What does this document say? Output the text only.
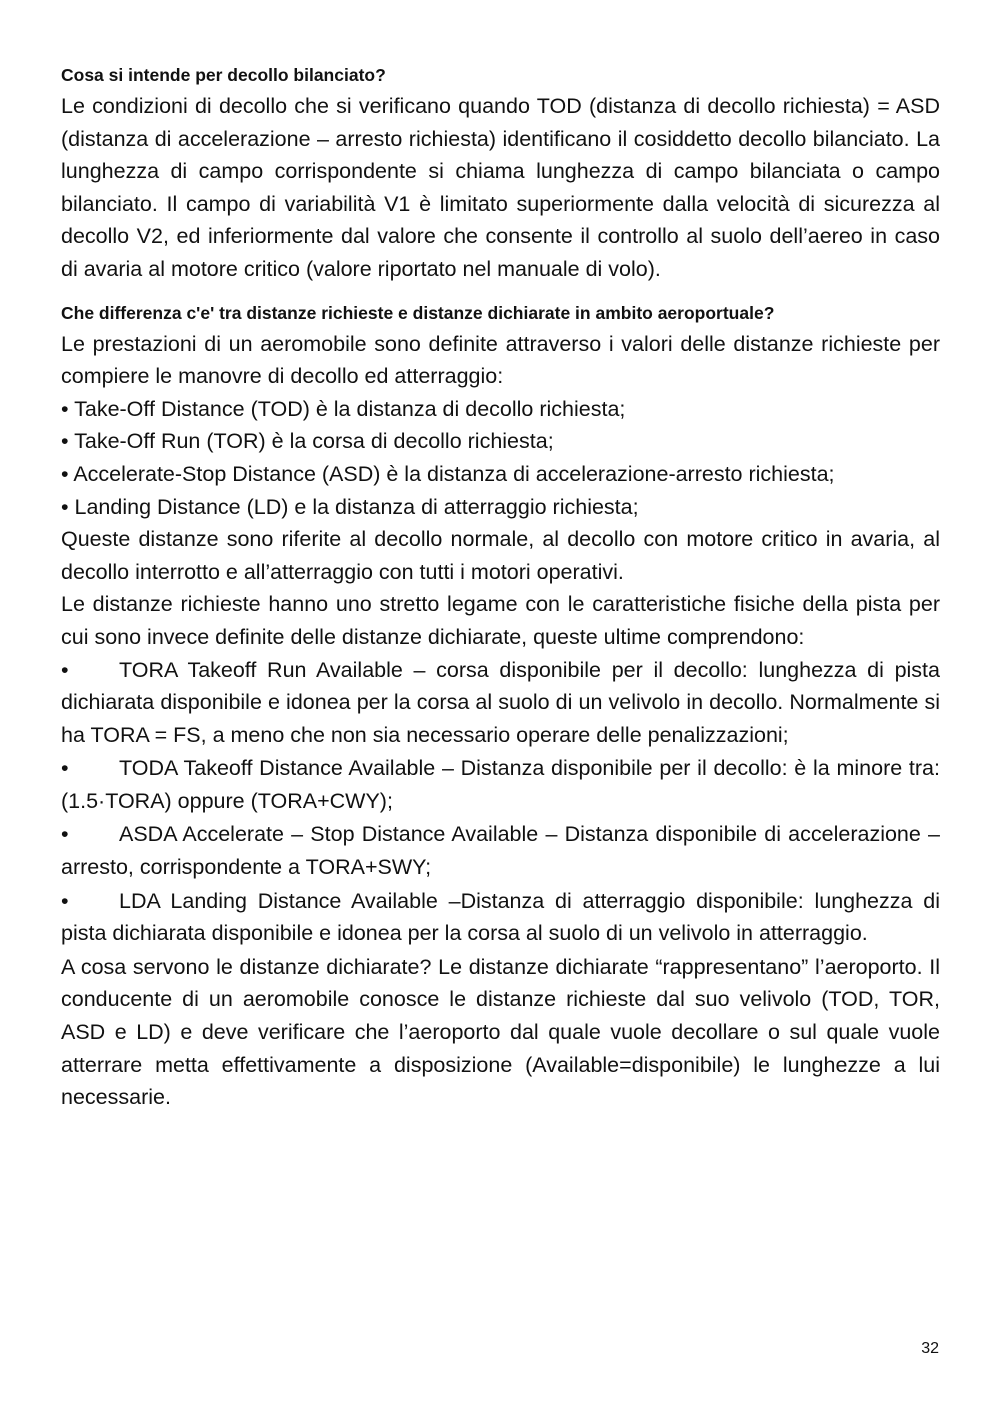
Cosa si intende per decollo bilanciato?

Le condizioni di decollo che si verificano quando TOD (distanza di decollo richiesta) = ASD (distanza di accelerazione – arresto richiesta) identificano il cosiddetto decollo bilanciato. La lunghezza di campo corrispondente si chiama lunghezza di campo bilanciata o campo bilanciato. Il campo di variabilità V1 è limitato superiormente dalla velocità di sicurezza al decollo V2, ed inferiormente dal valore che consente il controllo al suolo dell’aereo in caso di avaria al motore critico (valore riportato nel manuale di volo).

Che differenza c'e' tra distanze richieste e distanze dichiarate in ambito aeroportuale?

Le prestazioni di un aeromobile sono definite attraverso i valori delle distanze richieste per compiere le manovre di decollo ed atterraggio:

• Take-Off Distance (TOD) è la distanza di decollo richiesta;

• Take-Off Run (TOR) è la corsa di decollo richiesta;

• Accelerate-Stop Distance (ASD) è la distanza di accelerazione-arresto richiesta;

• Landing Distance (LD) e la distanza di atterraggio richiesta;

Queste distanze sono riferite al decollo normale, al decollo con motore critico in avaria, al decollo interrotto e all’atterraggio con tutti i motori operativi.

Le distanze richieste hanno uno stretto legame con le caratteristiche fisiche della pista per cui sono invece definite delle distanze dichiarate, queste ultime comprendono:

• TORA Takeoff Run Available – corsa disponibile per il decollo: lunghezza di pista dichiarata disponibile e idonea per la corsa al suolo di un velivolo in decollo. Normalmente si ha TORA = FS, a meno che non sia necessario operare delle penalizzazioni;
• TODA Takeoff Distance Available – Distanza disponibile per il decollo: è la minore tra: (1.5·TORA) oppure (TORA+CWY);
• ASDA Accelerate – Stop Distance Available – Distanza disponibile di accelerazione – arresto, corrispondente a TORA+SWY;
• LDA Landing Distance Available –Distanza di atterraggio disponibile: lunghezza di pista dichiarata disponibile e idonea per la corsa al suolo di un velivolo in atterraggio.

A cosa servono le distanze dichiarate? Le distanze dichiarate “rappresentano” l’aeroporto. Il conducente di un aeromobile conosce le distanze richieste dal suo velivolo (TOD, TOR, ASD e LD) e deve verificare che l’aeroporto dal quale vuole decollare o sul quale vuole atterrare metta effettivamente a disposizione (Available=disponibile) le lunghezze a lui necessarie.

32
